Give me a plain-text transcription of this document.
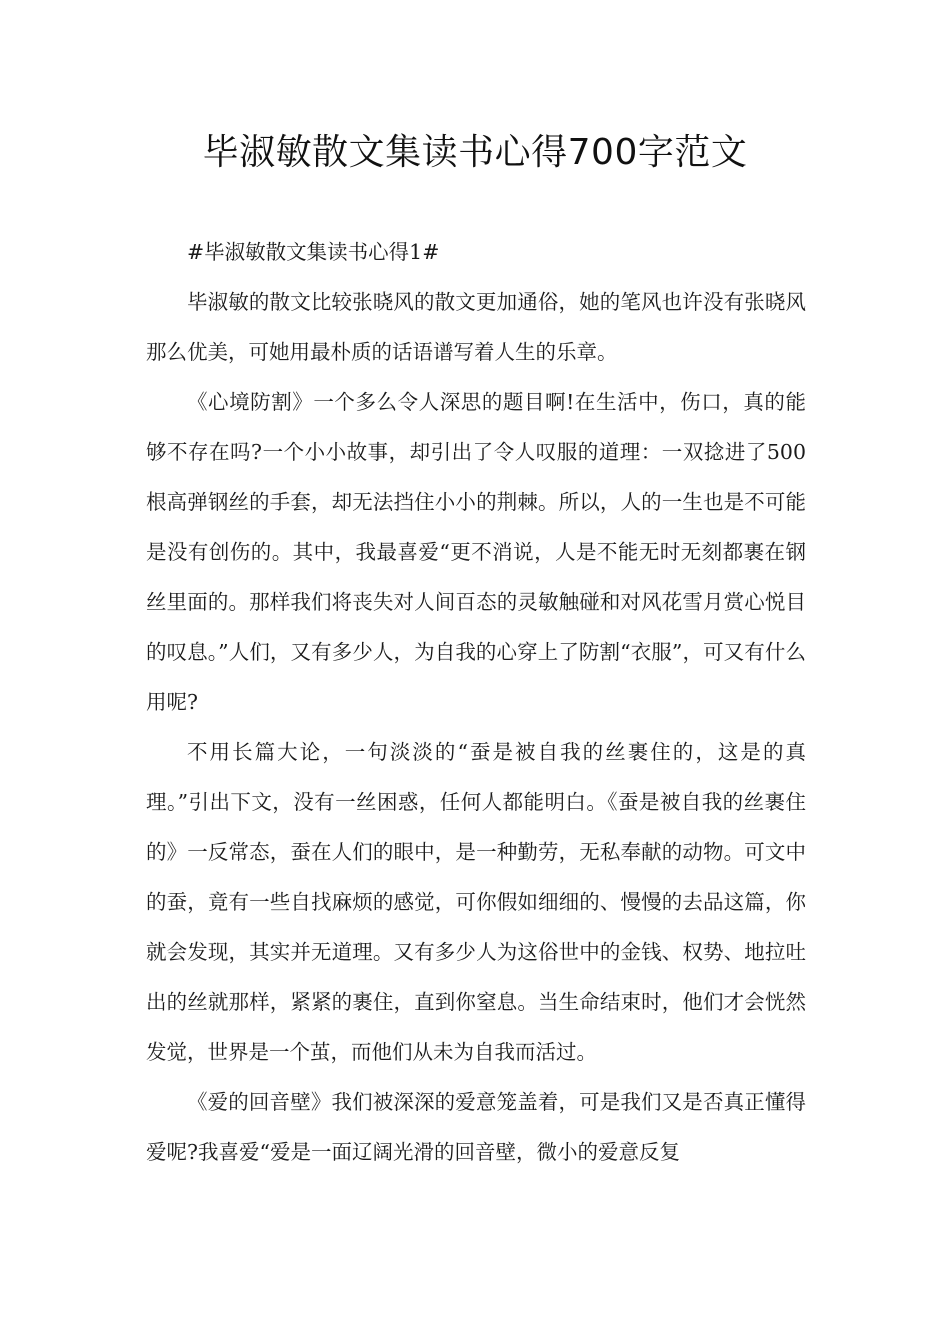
毕淑敏散文集读书心得700字范文

#毕淑敏散文集读书心得1#

毕淑敏的散文比较张晓风的散文更加通俗，她的笔风也许没有张晓风那么优美，可她用最朴质的话语谱写着人生的乐章。

《心境防割》一个多么令人深思的题目啊!在生活中，伤口，真的能够不存在吗?一个小小故事，却引出了令人叹服的道理：一双捻进了500根高弹钢丝的手套，却无法挡住小小的荆棘。所以，人的一生也是不可能是没有创伤的。其中，我最喜爱“更不消说，人是不能无时无刻都裹在钢丝里面的。那样我们将丧失对人间百态的灵敏触碰和对风花雪月赏心悦目的叹息。”人们，又有多少人，为自我的心穿上了防割“衣服”，可又有什么用呢?

不用长篇大论，一句淡淡的“蚕是被自我的丝裹住的，这是的真理。”引出下文，没有一丝困惑，任何人都能明白。《蚕是被自我的丝裹住的》一反常态，蚕在人们的眼中，是一种勤劳，无私奉献的动物。可文中的蚕，竟有一些自找麻烦的感觉，可你假如细细的、慢慢的去品这篇，你就会发现，其实并无道理。又有多少人为这俗世中的金钱、权势、地拉吐出的丝就那样，紧紧的裹住，直到你窒息。当生命结束时，他们才会恍然发觉，世界是一个茧，而他们从未为自我而活过。

《爱的回音壁》我们被深深的爱意笼盖着，可是我们又是否真正懂得爱呢?我喜爱“爱是一面辽阔光滑的回音壁，微小的爱意反复
